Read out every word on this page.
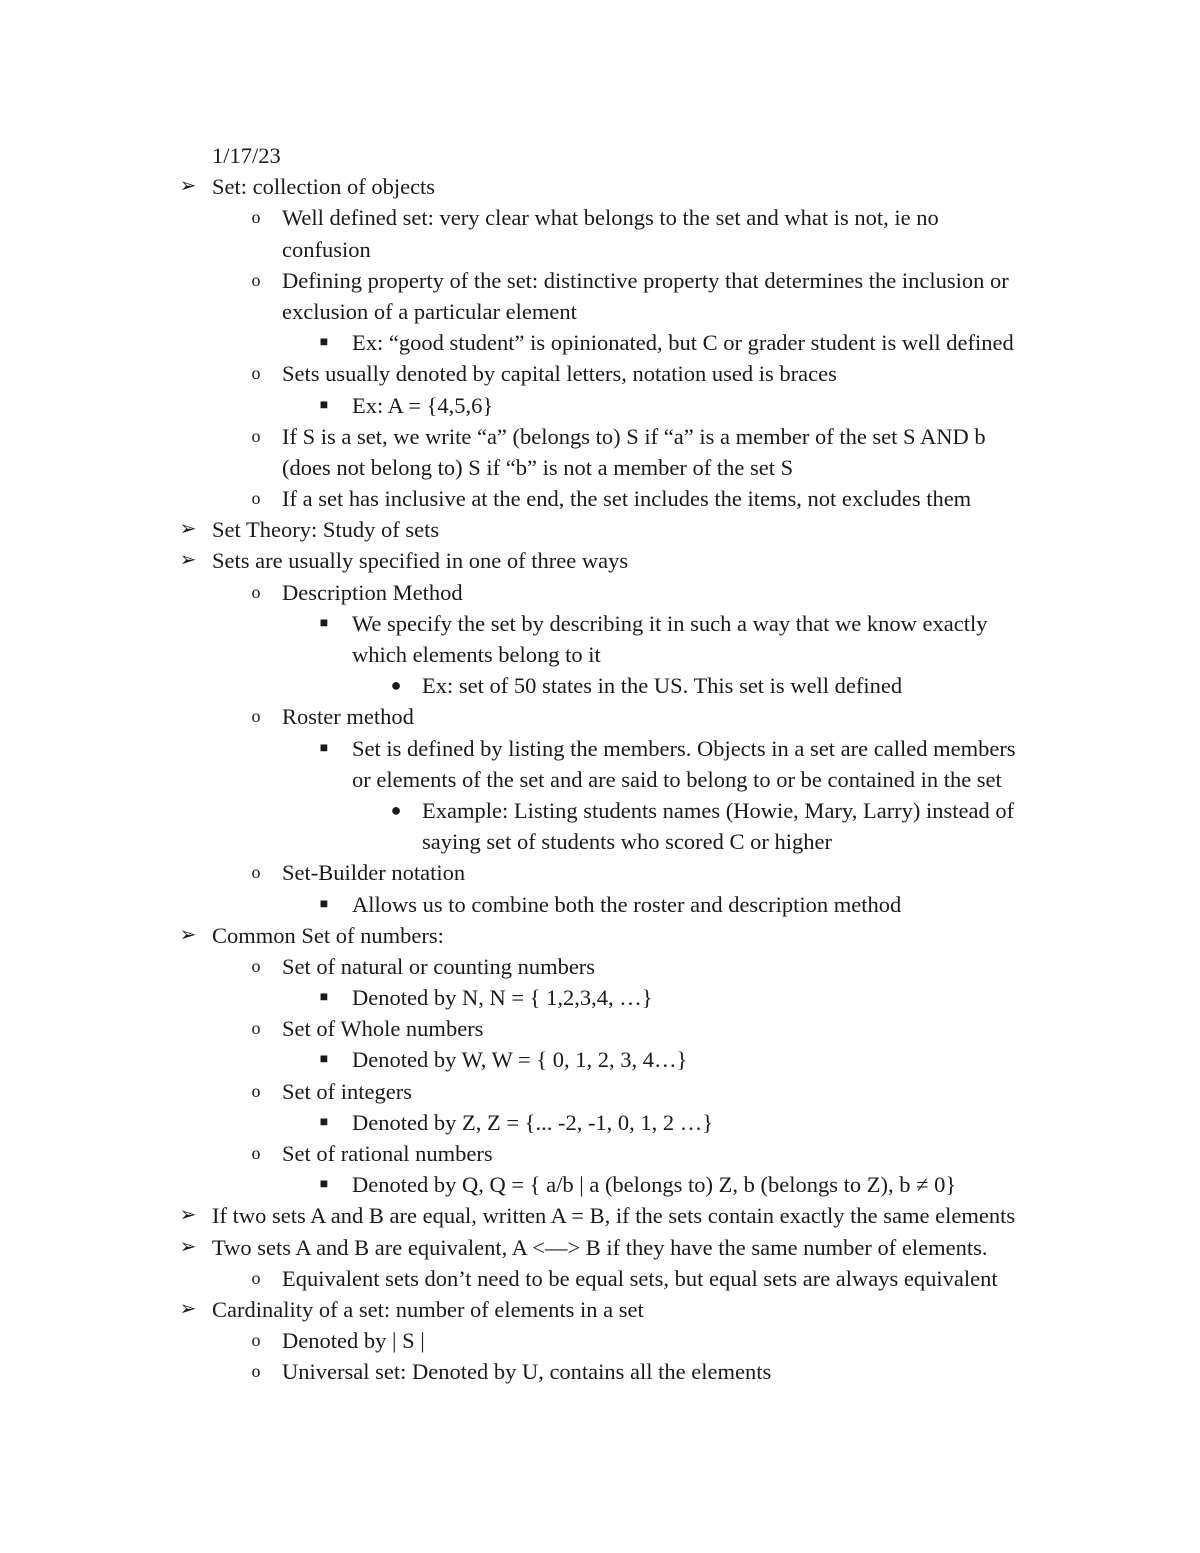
1/17/23
➢ Set: collection of objects
o Well defined set: very clear what belongs to the set and what is not, ie no
confusion
o Defining property of the set: distinctive property that determines the inclusion or
exclusion of a particular element
■ Ex: “good student” is opinionated, but C or grader student is well defined
o Sets usually denoted by capital letters, notation used is braces
■ Ex: A = {4,5,6}
o If S is a set, we write “a” (belongs to) S if “a” is a member of the set S AND b
(does not belong to) S if “b” is not a member of the set S
o If a set has inclusive at the end, the set includes the items, not excludes them
➢ Set Theory: Study of sets
➢ Sets are usually specified in one of three ways
o Description Method
■ We specify the set by describing it in such a way that we know exactly
which elements belong to it
● Ex: set of 50 states in the US. This set is well defined
o Roster method
■ Set is defined by listing the members. Objects in a set are called members
or elements of the set and are said to belong to or be contained in the set
● Example: Listing students names (Howie, Mary, Larry) instead of
saying set of students who scored C or higher
o Set-Builder notation
■ Allows us to combine both the roster and description method
➢ Common Set of numbers:
o Set of natural or counting numbers
■ Denoted by N, N = { 1,2,3,4, …}
o Set of Whole numbers
■ Denoted by W, W = { 0, 1, 2, 3, 4…}
o Set of integers
■ Denoted by Z, Z = {... -2, -1, 0, 1, 2 …}
o Set of rational numbers
■ Denoted by Q, Q = { a/b | a (belongs to) Z, b (belongs to Z), b ≠ 0}
➢ If two sets A and B are equal, written A = B, if the sets contain exactly the same elements
➢ Two sets A and B are equivalent, A <—> B if they have the same number of elements.
o Equivalent sets don’t need to be equal sets, but equal sets are always equivalent
➢ Cardinality of a set: number of elements in a set
o Denoted by | S |
o Universal set: Denoted by U, contains all the elements
